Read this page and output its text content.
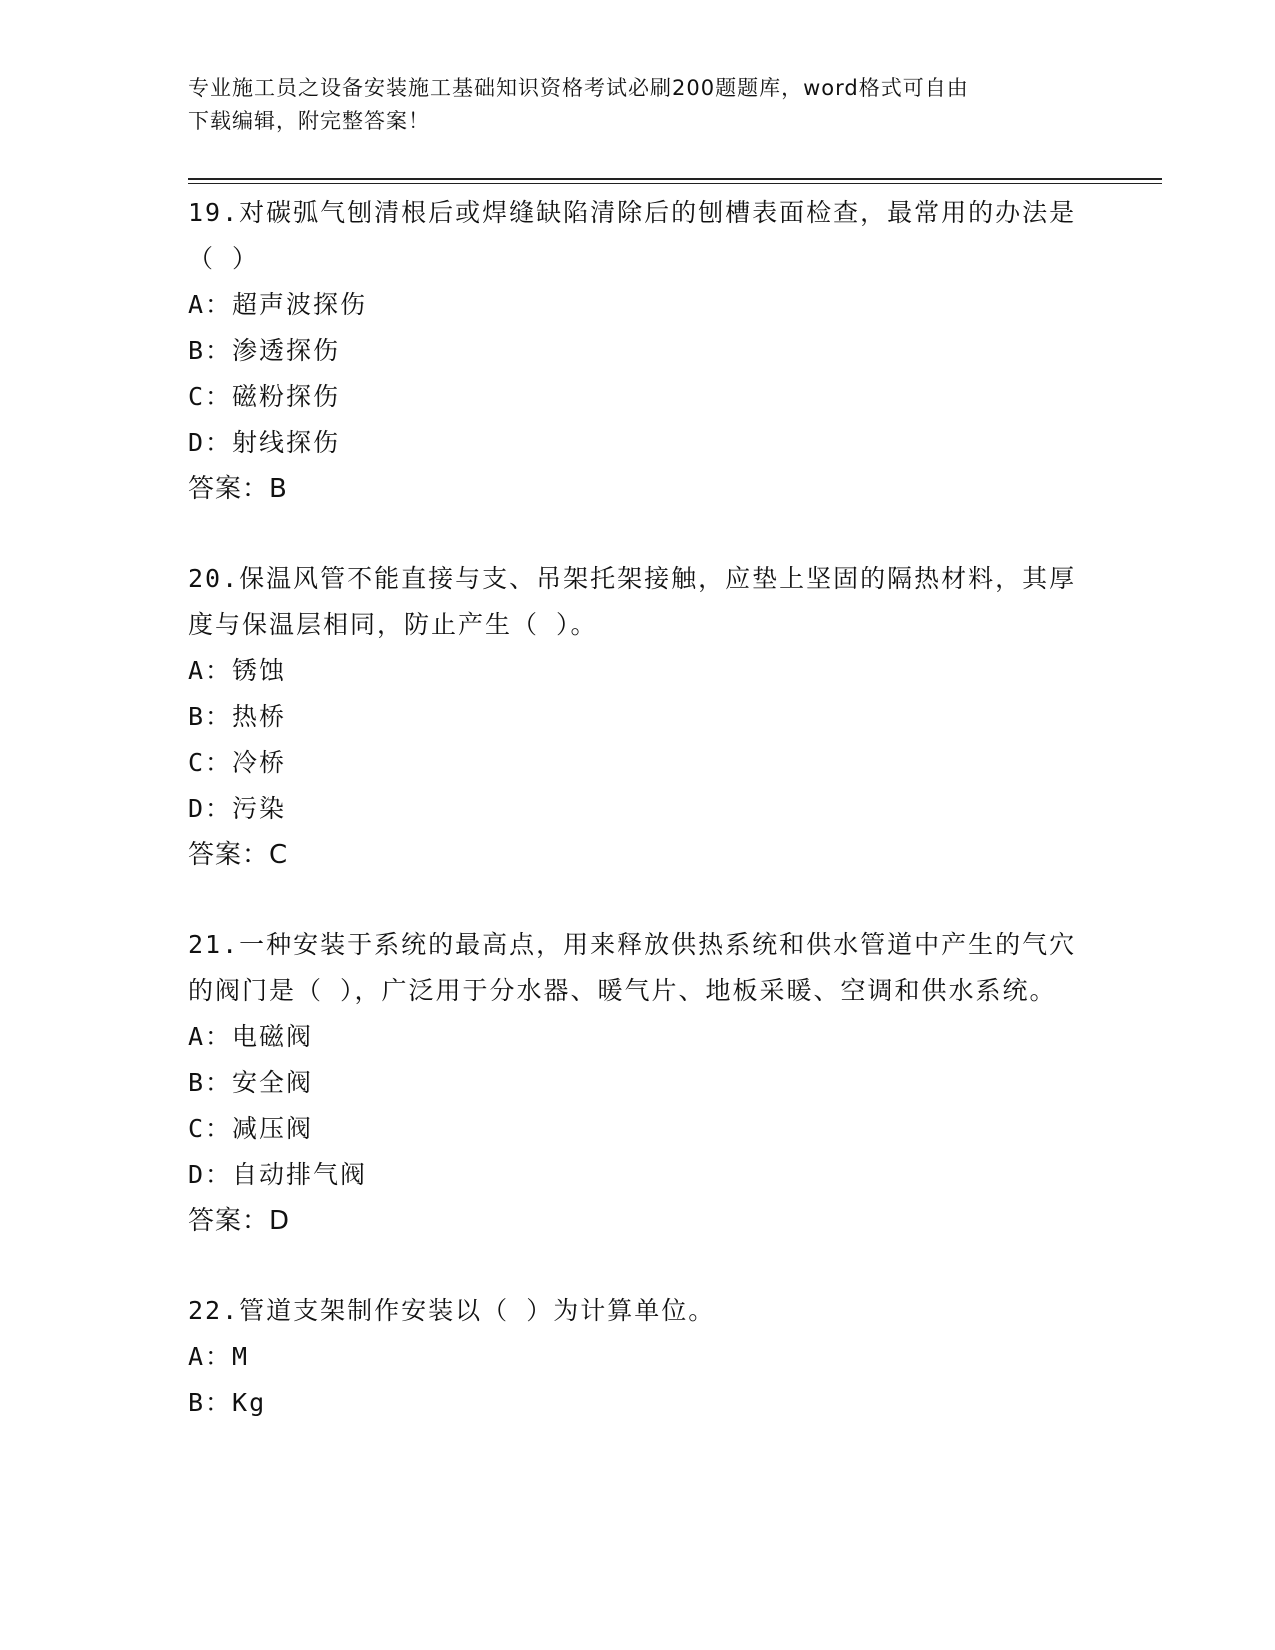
专业施工员之设备安装施工基础知识资格考试必刷200题题库，word格式可自由
下载编辑，附完整答案！
19.对碳弧气刨清根后或焊缝缺陷清除后的刨槽表面检查，最常用的办法是（ ）
A：超声波探伤
B：渗透探伤
C：磁粉探伤
D：射线探伤
答案：B
20.保温风管不能直接与支、吊架托架接触，应垫上坚固的隔热材料，其厚度与保温层相同，防止产生（ ）。
A：锈蚀
B：热桥
C：冷桥
D：污染
答案：C
21.一种安装于系统的最高点，用来释放供热系统和供水管道中产生的气穴的阀门是（ ），广泛用于分水器、暖气片、地板采暖、空调和供水系统。
A：电磁阀
B：安全阀
C：减压阀
D：自动排气阀
答案：D
22.管道支架制作安装以（ ）为计算单位。
A：M
B：Kg
